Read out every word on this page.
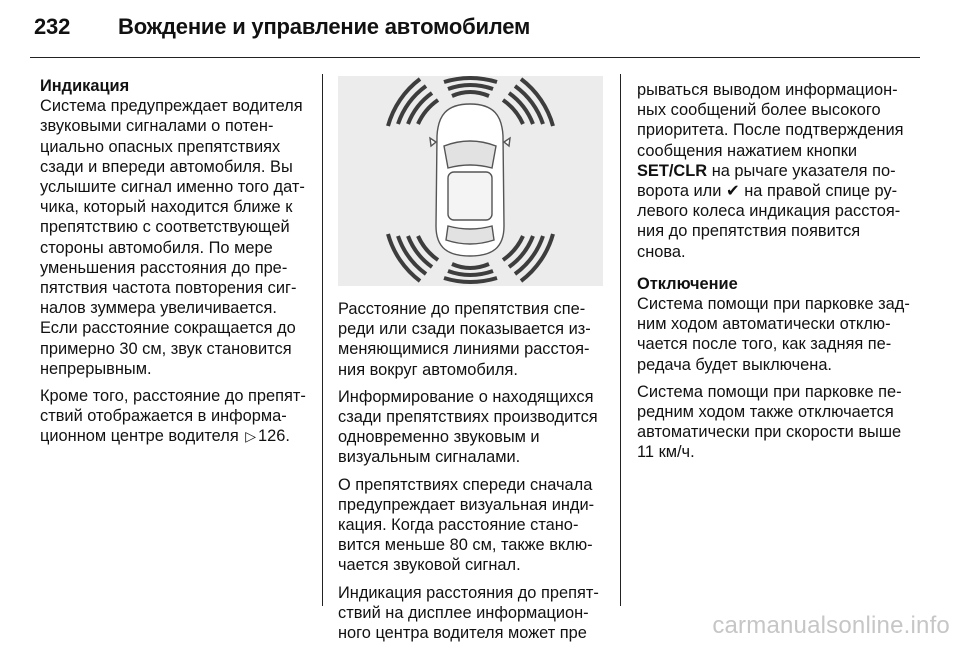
232 Вождение и управление автомобилем

Индикация

Система предупреждает водителя звуковыми сигналами о потенциально опасных препятствиях сзади и впереди автомобиля. Вы услышите сигнал именно того датчика, который находится ближе к препятствию с соответствующей стороны автомобиля. По мере уменьшения расстояния до препятствия частота повторения сигналов зуммера увеличивается. Если расстояние сокращается до примерно 30 см, звук становится непрерывным.

Кроме того, расстояние до препятствий отображается в информационном центре водителя ▷ 126.

Расстояние до препятствия спереди или сзади показывается изменяющимися линиями расстояния вокруг автомобиля.

Информирование о находящихся сзади препятствиях производится одновременно звуковым и визуальным сигналами.

О препятствиях спереди сначала предупреждает визуальная индикация. Когда расстояние становится меньше 80 см, также включается звуковой сигнал.

Индикация расстояния до препятствий на дисплее информационного центра водителя может пре

рываться выводом информационных сообщений более высокого приоритета. После подтверждения сообщения нажатием кнопки SET/CLR на рычаге указателя поворота или ✔ на правой спице рулевого колеса индикация расстояния до препятствия появится снова.

Отключение

Система помощи при парковке задним ходом автоматически отключается после того, как задняя передача будет выключена.

Система помощи при парковке передним ходом также отключается автоматически при скорости выше 11 км/ч.

carmanualsonline.info
